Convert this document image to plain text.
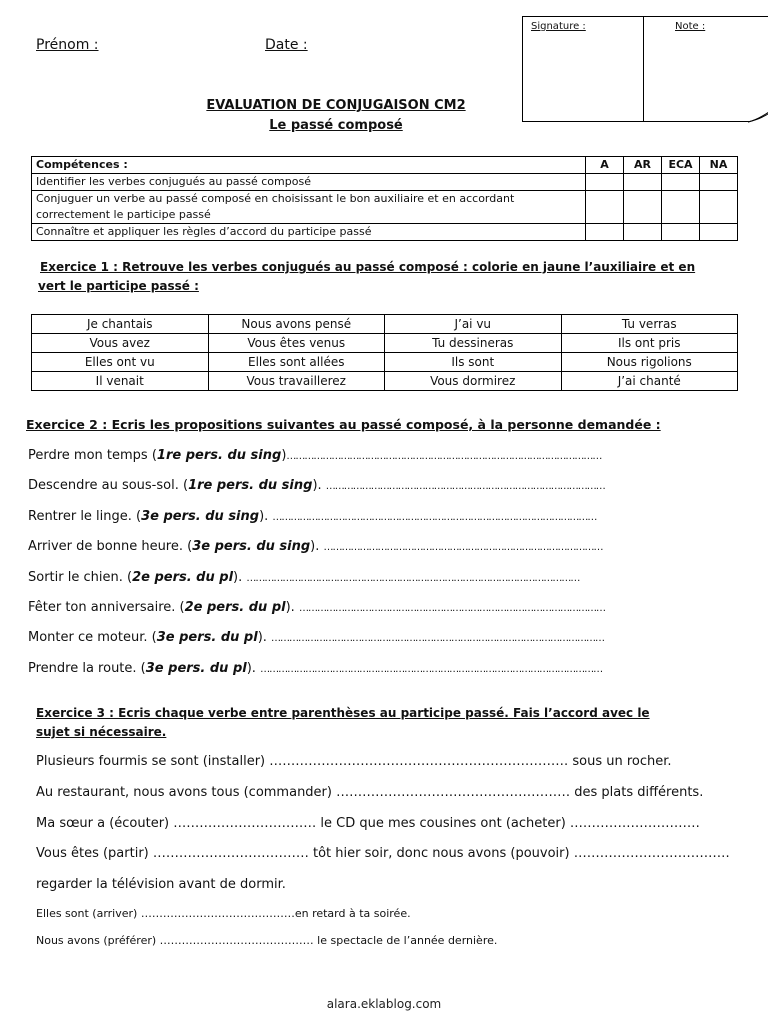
Prénom :	Date :
Signature :	Note :
EVALUATION DE CONJUGAISON CM2
Le passé composé
Compétences :	A	AR	ECA	NA
Identifier les verbes conjugués au passé composé				

Conjuguer un verbe au passé composé en choisissant le bon auxiliaire et en accordant
correctement le participe passé				

Connaître et appliquer les règles d’accord du participe passé				
Exercice 1 : Retrouve les verbes conjugués au passé composé : colorie en jaune l’auxiliaire et en
vert le participe passé :
Je chantais	Nous avons pensé	J’ai vu	Tu verras
Vous avez	Vous êtes venus	Tu dessineras	Ils ont pris
Elles ont vu	Elles sont allées	Ils sont	Nous rigolions
Il venait	Vous travaillerez	Vous dormirez	J’ai chanté
Exercice 2 : Ecris les propositions suivantes au passé composé, à la personne demandée :
Perdre mon temps (1re pers. du sing)……………………………………………………………………………………………
Descendre au sous-sol. (1re pers. du sing). …………………………………………………………………………………
Rentrer le linge. (3e pers. du sing). ………………………………………………………………………………………………
Arriver de bonne heure. (3e pers. du sing). …………………………………………………………………………………
Sortir le chien. (2e pers. du pl). …………………………………………………………………………………………………
Fêter ton anniversaire. (2e pers. du pl). …………………………………………………………………………………………
Monter ce moteur. (3e pers. du pl). …………………………………………………………………………………………………
Prendre la route. (3e pers. du pl). ……………………………………………………………………………………………………
Exercice 3 : Ecris chaque verbe entre parenthèses au participe passé. Fais l’accord avec le
sujet si nécessaire.
Plusieurs fourmis se sont (installer) …………………………………………………………… sous un rocher.
Au restaurant, nous avons tous (commander) ……………………………………………… des plats différents.
Ma sœur a (écouter) …………………………… le CD que mes cousines ont (acheter) …………………………
Vous êtes (partir) ……………………………… tôt hier soir, donc nous avons (pouvoir) ………………………………
regarder la télévision avant de dormir.
Elles sont (arriver) ……………………………………en retard à ta soirée.
Nous avons (préférer) …………………………………… le spectacle de l’année dernière.
alara.eklablog.com
